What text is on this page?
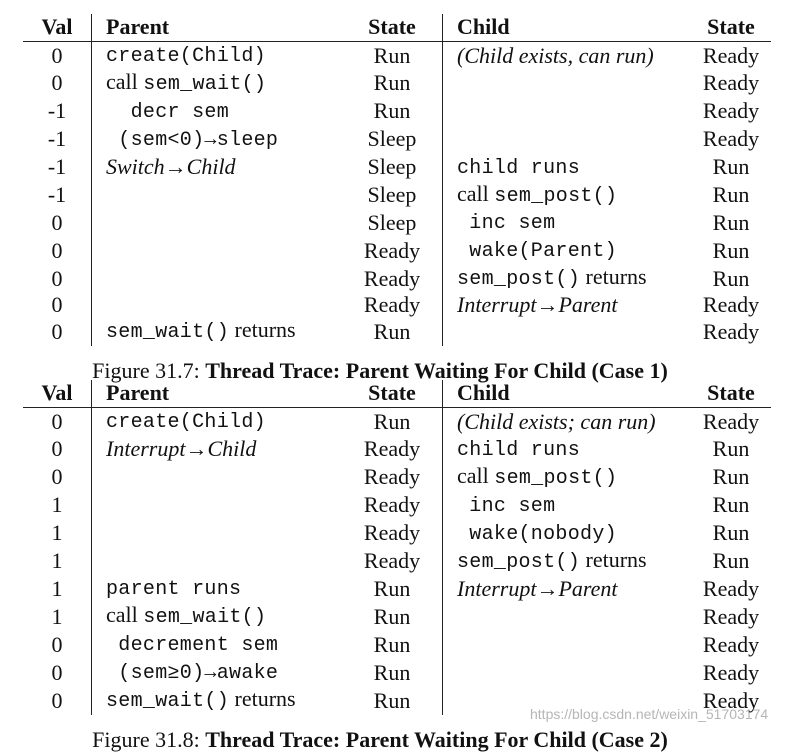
Val	Parent	State	Child	State
0	create(Child)	Run	(Child exists, can run)	Ready
0	call sem_wait()	Run		Ready
-1	decr sem	Run		Ready
-1	(sem<0)→sleep	Sleep		Ready
-1	Switch→Child	Sleep	child runs	Run
-1		Sleep	call sem_post()	Run
0		Sleep	inc sem	Run
0		Ready	wake(Parent)	Run
0		Ready	sem_post() returns	Run
0		Ready	Interrupt→Parent	Ready
0	sem_wait() returns	Run		Ready
Figure 31.7: Thread Trace: Parent Waiting For Child (Case 1)
Val	Parent	State	Child	State
0	create(Child)	Run	(Child exists; can run)	Ready
0	Interrupt→Child	Ready	child runs	Run
0		Ready	call sem_post()	Run
1		Ready	inc sem	Run
1		Ready	wake(nobody)	Run
1		Ready	sem_post() returns	Run
1	parent runs	Run	Interrupt→Parent	Ready
1	call sem_wait()	Run		Ready
0	decrement sem	Run		Ready
0	(sem≥0)→awake	Run		Ready
0	sem_wait() returns	Run		Ready
Figure 31.8: Thread Trace: Parent Waiting For Child (Case 2)
https://blog.csdn.net/weixin_51703174
